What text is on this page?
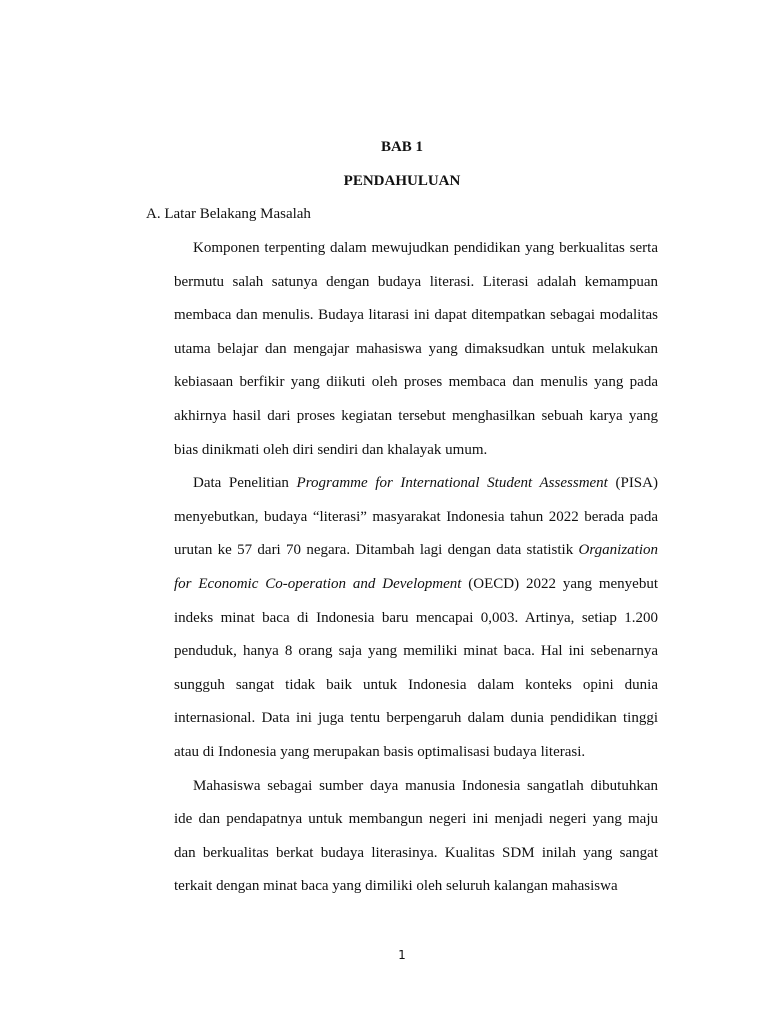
BAB 1
PENDAHULUAN

A. Latar Belakang Masalah

Komponen terpenting dalam mewujudkan pendidikan yang berkualitas serta bermutu salah satunya dengan budaya literasi. Literasi adalah kemampuan membaca dan menulis. Budaya litarasi ini dapat ditempatkan sebagai modalitas utama belajar dan mengajar mahasiswa yang dimaksudkan untuk melakukan kebiasaan berfikir yang diikuti oleh proses membaca dan menulis yang pada akhirnya hasil dari proses kegiatan tersebut menghasilkan sebuah karya yang bias dinikmati oleh diri sendiri dan khalayak umum.

Data Penelitian Programme for International Student Assessment (PISA) menyebutkan, budaya “literasi” masyarakat Indonesia tahun 2022 berada pada urutan ke 57 dari 70 negara. Ditambah lagi dengan data statistik Organization for Economic Co-operation and Development (OECD) 2022 yang menyebut indeks minat baca di Indonesia baru mencapai 0,003. Artinya, setiap 1.200 penduduk, hanya 8 orang saja yang memiliki minat baca. Hal ini sebenarnya sungguh sangat tidak baik untuk Indonesia dalam konteks opini dunia internasional. Data ini juga tentu berpengaruh dalam dunia pendidikan tinggi atau di Indonesia yang merupakan basis optimalisasi budaya literasi.

Mahasiswa sebagai sumber daya manusia Indonesia sangatlah dibutuhkan ide dan pendapatnya untuk membangun negeri ini menjadi negeri yang maju dan berkualitas berkat budaya literasinya. Kualitas SDM inilah yang sangat terkait dengan minat baca yang dimiliki oleh seluruh kalangan mahasiswa

1
